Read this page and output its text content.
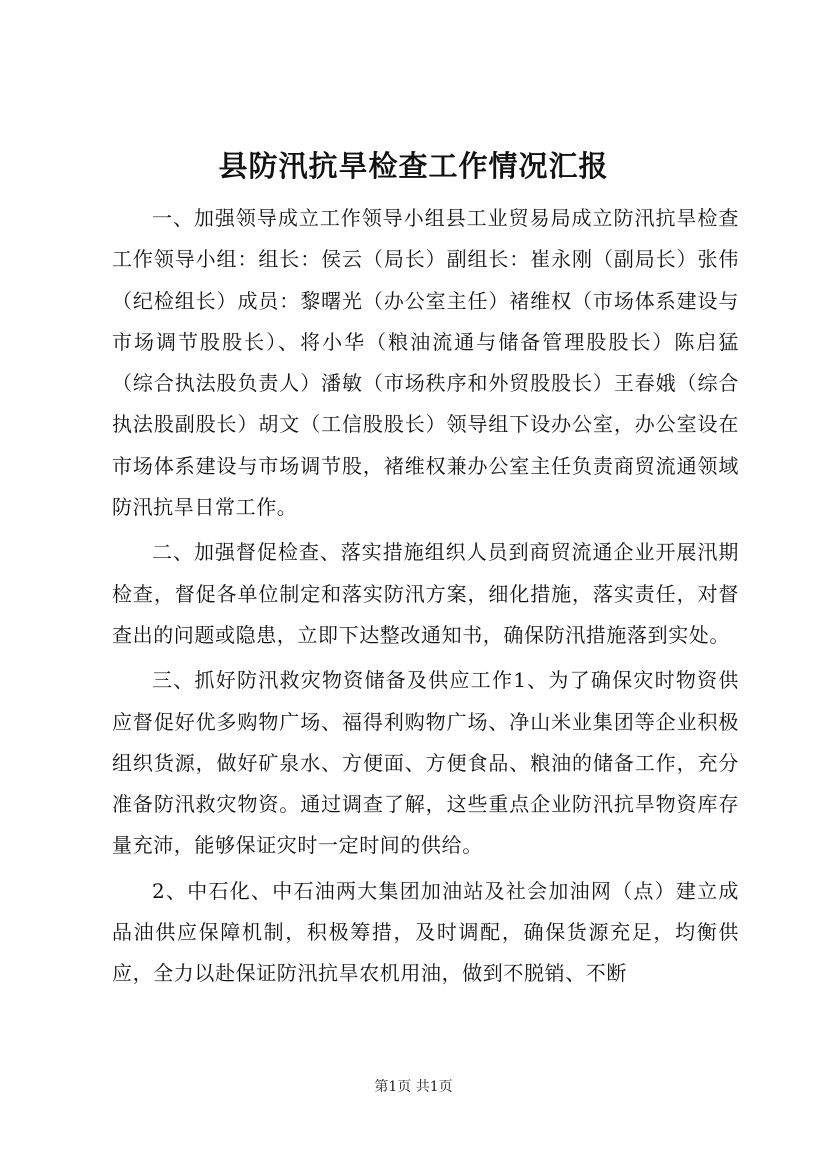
县防汛抗旱检查工作情况汇报

一、加强领导成立工作领导小组县工业贸易局成立防汛抗旱检查工作领导小组：组长：侯云（局长）副组长：崔永刚（副局长）张伟（纪检组长）成员：黎曙光（办公室主任）褚维权（市场体系建设与市场调节股股长）、将小华（粮油流通与储备管理股股长）陈启猛（综合执法股负责人）潘敏（市场秩序和外贸股股长）王春娥（综合执法股副股长）胡文（工信股股长）领导组下设办公室，办公室设在市场体系建设与市场调节股，褚维权兼办公室主任负责商贸流通领域防汛抗旱日常工作。

二、加强督促检查、落实措施组织人员到商贸流通企业开展汛期检查，督促各单位制定和落实防汛方案，细化措施，落实责任，对督查出的问题或隐患，立即下达整改通知书，确保防汛措施落到实处。

三、抓好防汛救灾物资储备及供应工作1、为了确保灾时物资供应督促好优多购物广场、福得利购物广场、净山米业集团等企业积极组织货源，做好矿泉水、方便面、方便食品、粮油的储备工作，充分准备防汛救灾物资。通过调查了解，这些重点企业防汛抗旱物资库存量充沛，能够保证灾时一定时间的供给。

2、中石化、中石油两大集团加油站及社会加油网（点）建立成品油供应保障机制，积极筹措，及时调配，确保货源充足，均衡供应，全力以赴保证防汛抗旱农机用油，做到不脱销、不断

第1页 共1页
